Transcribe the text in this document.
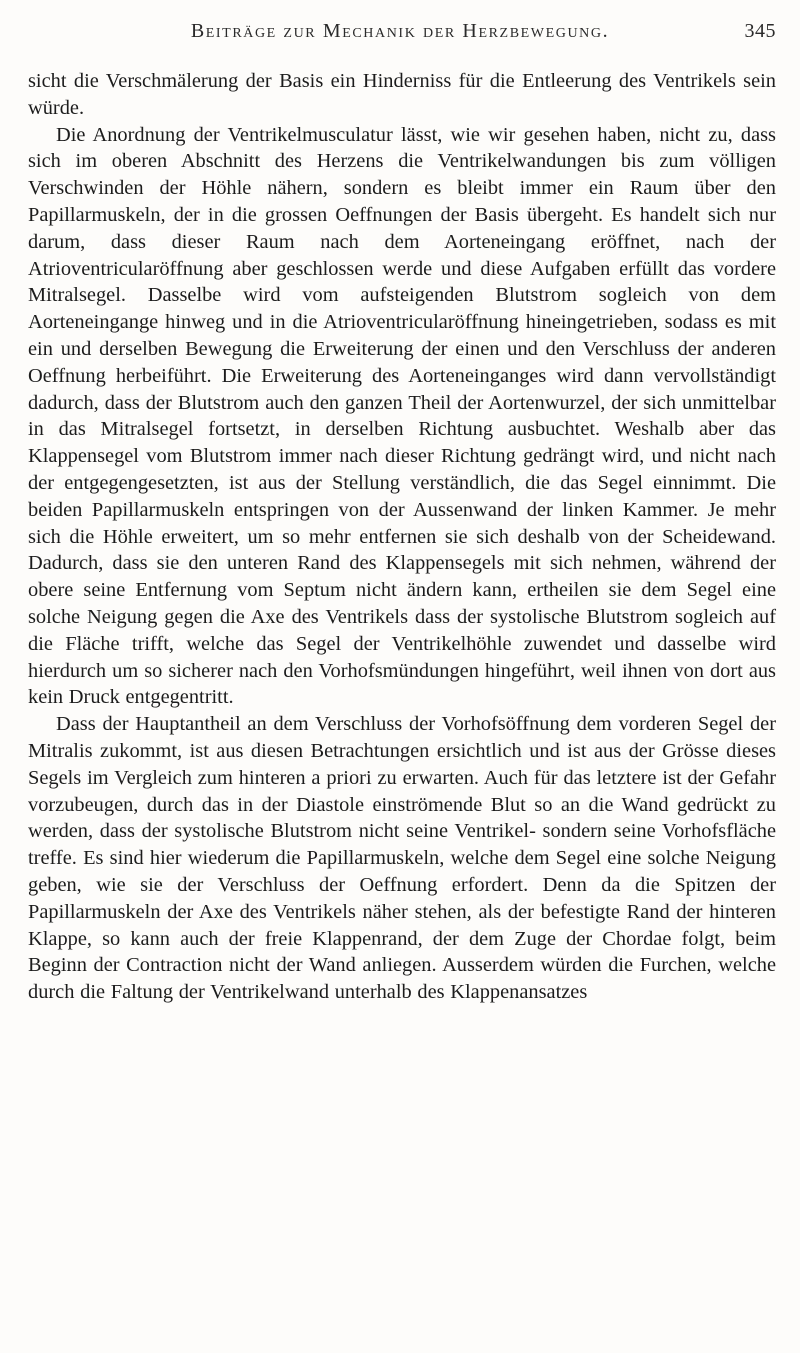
Beiträge zur Mechanik der Herzbewegung.	345

sicht die Verschmälerung der Basis ein Hinderniss für die Entleerung des Ventrikels sein würde.

Die Anordnung der Ventrikelmusculatur lässt, wie wir gesehen haben, nicht zu, dass sich im oberen Abschnitt des Herzens die Ventrikelwandungen bis zum völligen Verschwinden der Höhle nähern, sondern es bleibt immer ein Raum über den Papillarmuskeln, der in die grossen Oeffnungen der Basis übergeht. Es handelt sich nur darum, dass dieser Raum nach dem Aorteneingang eröffnet, nach der Atrioventricularöffnung aber geschlossen werde und diese Aufgaben erfüllt das vordere Mitralsegel. Dasselbe wird vom aufsteigenden Blutstrom sogleich von dem Aorteneingange hinweg und in die Atrioventricularöffnung hineingetrieben, sodass es mit ein und derselben Bewegung die Erweiterung der einen und den Verschluss der anderen Oeffnung herbeiführt. Die Erweiterung des Aorteneinganges wird dann vervollständigt dadurch, dass der Blutstrom auch den ganzen Theil der Aortenwurzel, der sich unmittelbar in das Mitralsegel fortsetzt, in derselben Richtung ausbuchtet. Weshalb aber das Klappensegel vom Blutstrom immer nach dieser Richtung gedrängt wird, und nicht nach der entgegengesetzten, ist aus der Stellung verständlich, die das Segel einnimmt. Die beiden Papillarmuskeln entspringen von der Aussenwand der linken Kammer. Je mehr sich die Höhle erweitert, um so mehr entfernen sie sich deshalb von der Scheidewand. Dadurch, dass sie den unteren Rand des Klappensegels mit sich nehmen, während der obere seine Entfernung vom Septum nicht ändern kann, ertheilen sie dem Segel eine solche Neigung gegen die Axe des Ventrikels dass der systolische Blutstrom sogleich auf die Fläche trifft, welche das Segel der Ventrikelhöhle zuwendet und dasselbe wird hierdurch um so sicherer nach den Vorhofsmündungen hingeführt, weil ihnen von dort aus kein Druck entgegentritt.

Dass der Hauptantheil an dem Verschluss der Vorhofsöffnung dem vorderen Segel der Mitralis zukommt, ist aus diesen Betrachtungen ersichtlich und ist aus der Grösse dieses Segels im Vergleich zum hinteren a priori zu erwarten. Auch für das letztere ist der Gefahr vorzubeugen, durch das in der Diastole einströmende Blut so an die Wand gedrückt zu werden, dass der systolische Blutstrom nicht seine Ventrikel- sondern seine Vorhofsfläche treffe. Es sind hier wiederum die Papillarmuskeln, welche dem Segel eine solche Neigung geben, wie sie der Verschluss der Oeffnung erfordert. Denn da die Spitzen der Papillarmuskeln der Axe des Ventrikels näher stehen, als der befestigte Rand der hinteren Klappe, so kann auch der freie Klappenrand, der dem Zuge der Chordae folgt, beim Beginn der Contraction nicht der Wand anliegen. Ausserdem würden die Furchen, welche durch die Faltung der Ventrikelwand unterhalb des Klappenansatzes
